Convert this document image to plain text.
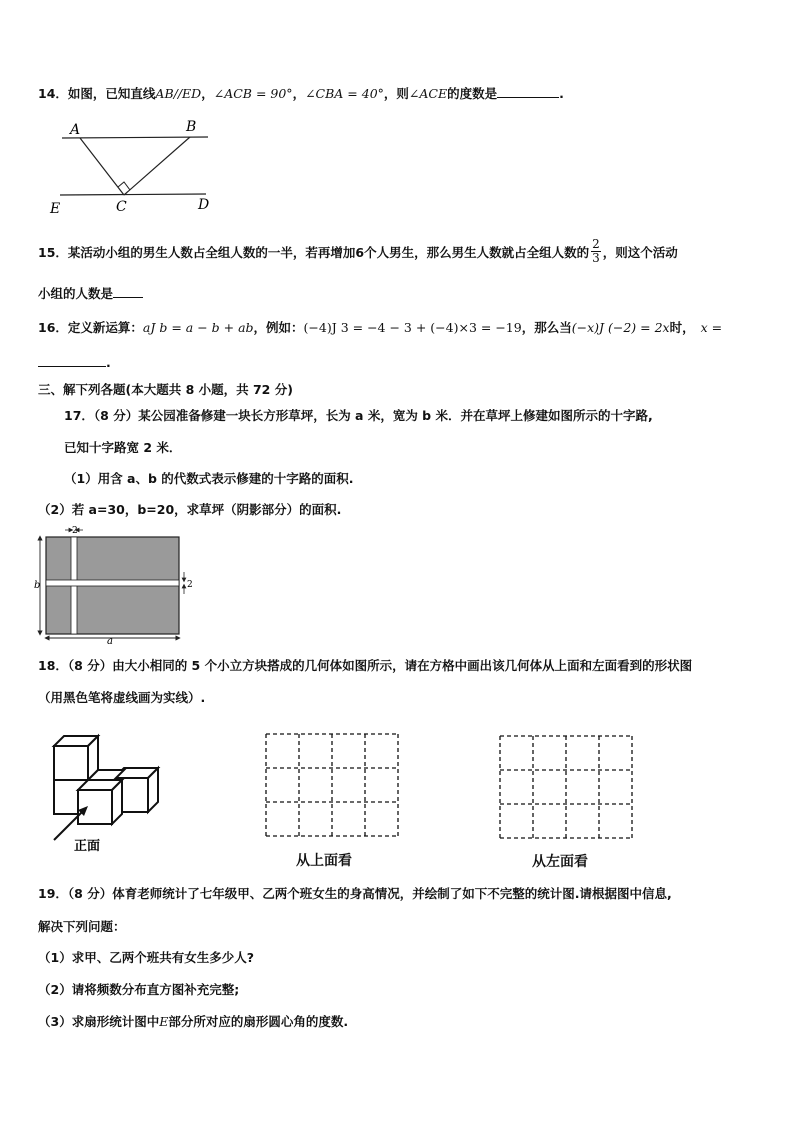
14．如图，已知直线AB//ED，∠ACB = 90°，∠CBA = 40°，则∠ACE的度数是	.
A	B
C	D
E
15． 某活动小组的男生人数占全组人数的一半，若再增加6个人男生，那么男生人数就占全组人数的 $\frac{2}{3}$ ，则这个活动
小组的人数是
16．定义新运算：aJ b = a − b + ab，例如：(−4)J 3 = −4 − 3 + (−4)×3 = −19，那么当(−x)J (−2) = 2x时， x =
.
三、解下列各题(本大题共 8 小题，共 72 分)
17．（8 分）某公园准备修建一块长方形草坪，长为 a 米，宽为 b 米．并在草坪上修建如图所示的十字路,
已知十字路宽 2 米．
（1）用含 a、b 的代数式表示修建的十字路的面积.
（2）若 a=30，b=20，求草坪（阴影部分）的面积.
b
a
2
2
18．（8 分）由大小相同的 5 个小立方块搭成的几何体如图所示，请在方格中画出该几何体从上面和左面看到的形状图
（用黑色笔将虚线画为实线）.
正面
从上面看	从左面看
19．（8 分）体育老师统计了七年级甲、乙两个班女生的身高情况，并绘制了如下不完整的统计图.请根据图中信息,
解决下列问题：
（1）求甲、乙两个班共有女生多少人?
（2）请将频数分布直方图补充完整;
（3）求扇形统计图中E部分所对应的扇形圆心角的度数.
